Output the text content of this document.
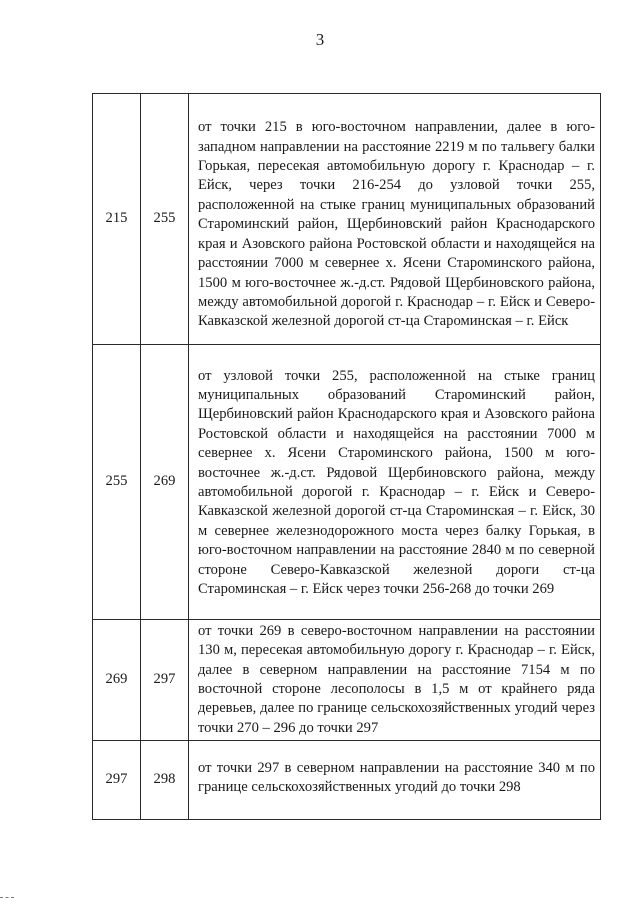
3
215	255	от точки 215 в юго-восточном направлении, далее в юго-западном направлении на расстояние 2219 м по тальвегу балки Горькая, пересекая автомобильную дорогу г. Краснодар – г. Ейск, через точки 216-254 до узловой точки 255, расположенной на стыке границ муниципальных образований Староминский район, Щербиновский район Краснодарского края и Азовского района Ростовской области и находящейся на расстоянии 7000 м севернее х. Ясени Староминского района, 1500 м юго-восточнее ж.-д.ст. Рядовой Щербиновского района, между автомобильной дорогой г. Краснодар – г. Ейск и Северо-Кавказской железной дорогой ст-ца Староминская – г. Ейск

255	269	от узловой точки 255, расположенной на стыке границ муниципальных образований Староминский район, Щербиновский район Краснодарского края и Азовского района Ростовской области и находящейся на расстоянии 7000 м севернее х. Ясени Староминского района, 1500 м юго-восточнее ж.-д.ст. Рядовой Щербиновского района, между автомобильной дорогой г. Краснодар – г. Ейск и Северо-Кавказской железной дорогой ст-ца Староминская – г. Ейск, 30 м севернее железнодорожного моста через балку Горькая, в юго-восточном направлении на расстояние 2840 м по северной стороне Северо-Кавказской железной дороги ст-ца Староминская – г. Ейск через точки 256-268 до точки 269

269	297	от точки 269 в северо-восточном направлении на расстоянии 130 м, пересекая автомобильную дорогу г. Краснодар – г. Ейск, далее в северном направлении на расстояние 7154 м по восточной стороне лесополосы в 1,5 м от крайнего ряда деревьев, далее по границе сельскохозяйственных угодий через точки 270 – 296 до точки 297

297	298	от точки 297 в северном направлении на расстояние 340 м по границе сельскохозяйственных угодий до точки 298
